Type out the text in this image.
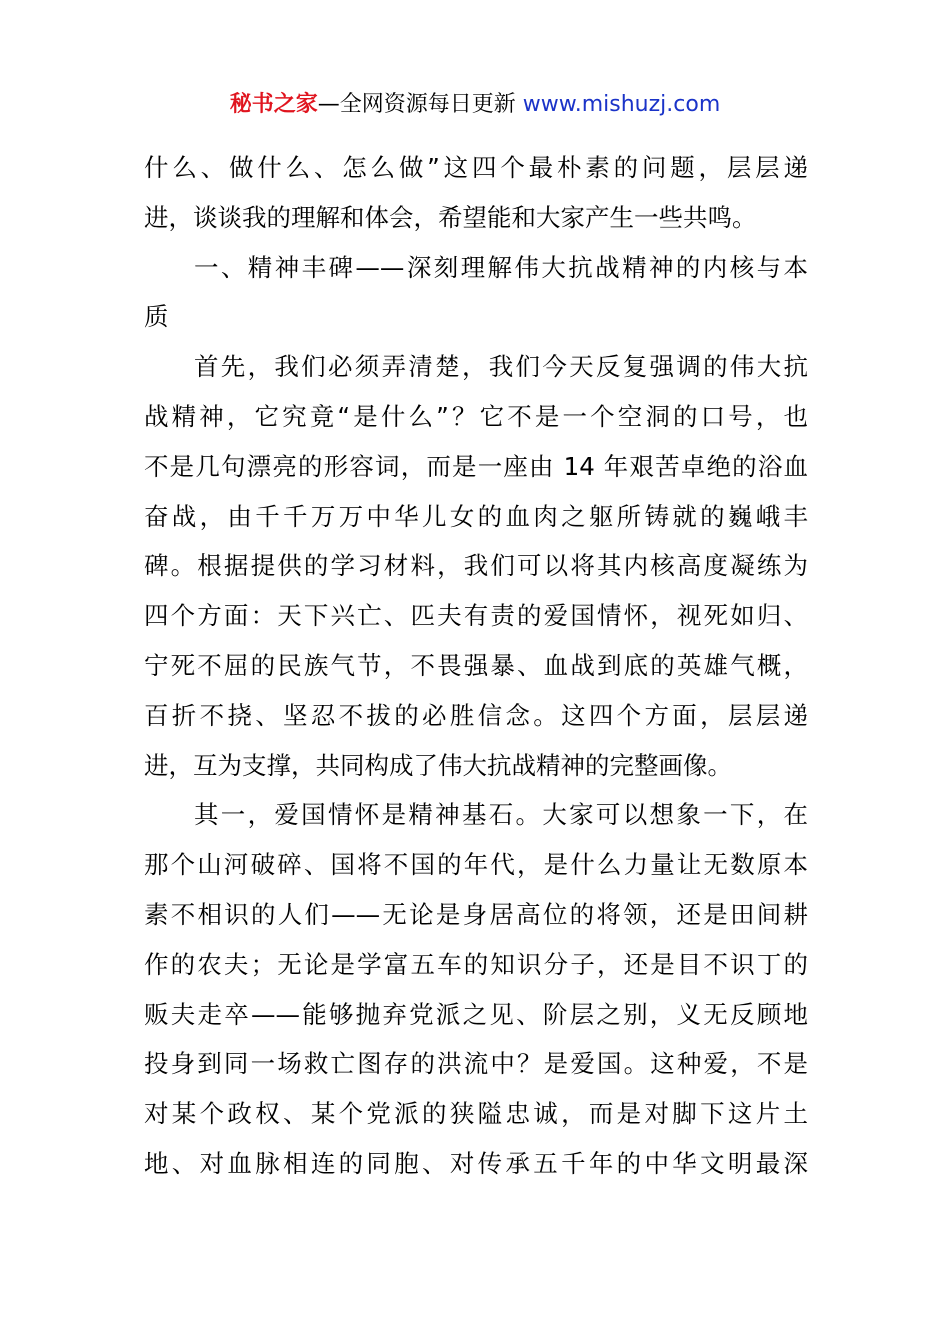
秘书之家—全网资源每日更新 www.mishuzj.com
什么、做什么、怎么做”这四个最朴素的问题，层层递
进，谈谈我的理解和体会，希望能和大家产生一些共鸣。
一、精神丰碑——深刻理解伟大抗战精神的内核与本
质
首先，我们必须弄清楚，我们今天反复强调的伟大抗
战精神，它究竟“是什么”？它不是一个空洞的口号，也
不是几句漂亮的形容词，而是一座由 14 年艰苦卓绝的浴血
奋战，由千千万万中华儿女的血肉之躯所铸就的巍峨丰
碑。根据提供的学习材料，我们可以将其内核高度凝练为
四个方面：天下兴亡、匹夫有责的爱国情怀，视死如归、
宁死不屈的民族气节，不畏强暴、血战到底的英雄气概，
百折不挠、坚忍不拔的必胜信念。这四个方面，层层递
进，互为支撑，共同构成了伟大抗战精神的完整画像。
其一，爱国情怀是精神基石。大家可以想象一下，在
那个山河破碎、国将不国的年代，是什么力量让无数原本
素不相识的人们——无论是身居高位的将领，还是田间耕
作的农夫；无论是学富五车的知识分子，还是目不识丁的
贩夫走卒——能够抛弃党派之见、阶层之别，义无反顾地
投身到同一场救亡图存的洪流中？是爱国。这种爱，不是
对某个政权、某个党派的狭隘忠诚，而是对脚下这片土
地、对血脉相连的同胞、对传承五千年的中华文明最深
